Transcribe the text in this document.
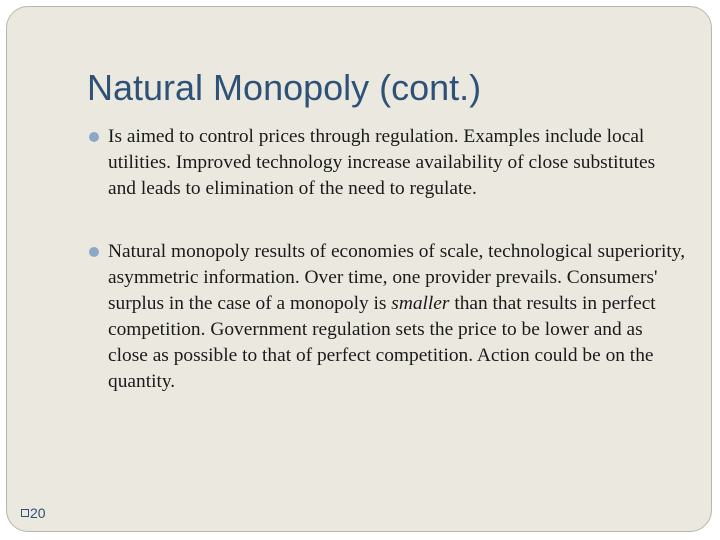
Natural Monopoly (cont.)
Is aimed to control prices through regulation. Examples include local utilities. Improved technology increase availability of close substitutes and leads to elimination of the need to regulate.
Natural monopoly results of economies of scale, technological superiority, asymmetric information. Over time, one provider prevails. Consumers' surplus in the case of a monopoly is smaller than that results in perfect competition. Government regulation sets the price to be lower and as close as possible to that of perfect competition. Action could be on the quantity.
20
